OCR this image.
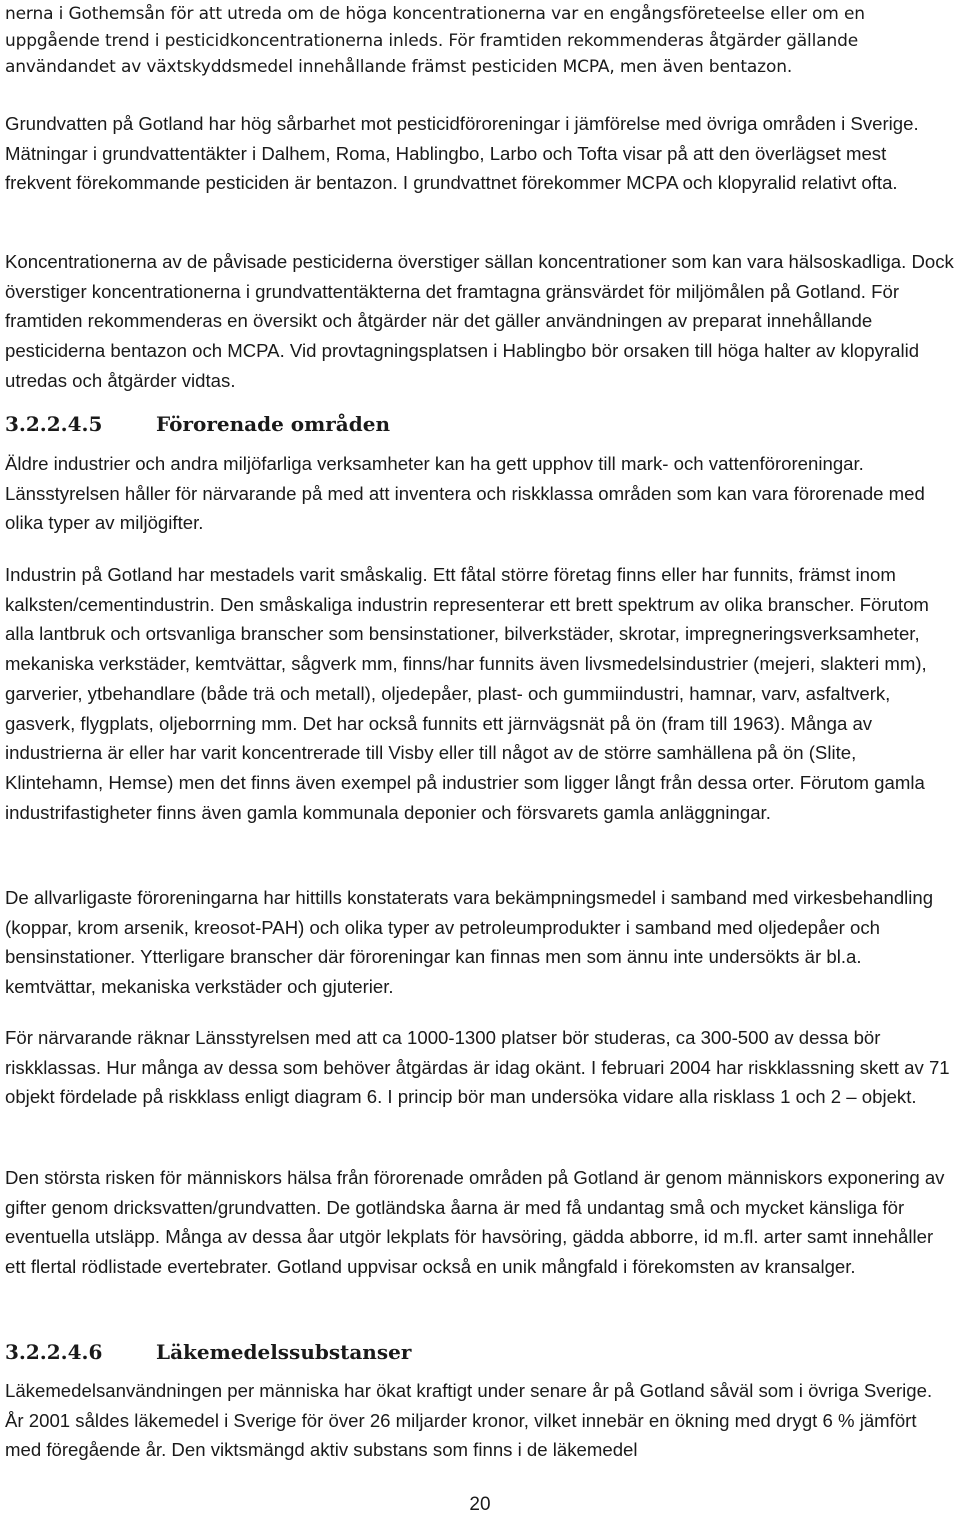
nerna i Gothemsån för att utreda om de höga koncentrationerna var en engångsföreteelse eller om en uppgående trend i pesticidkoncentrationerna inleds. För framtiden rekommenderas åtgärder gällande användandet av växtskyddsmedel innehållande främst pesticiden MCPA, men även bentazon.

Grundvatten på Gotland har hög sårbarhet mot pesticidföroreningar i jämförelse med övriga områden i Sverige. Mätningar i grundvattentäkter i Dalhem, Roma, Hablingbo, Larbo och Tofta visar på att den överlägset mest frekvent förekommande pesticiden är bentazon. I grundvattnet förekommer MCPA och klopyralid relativt ofta.

Koncentrationerna av de påvisade pesticiderna överstiger sällan koncentrationer som kan vara hälsoskadliga. Dock överstiger koncentrationerna i grundvattentäkterna det framtagna gränsvärdet för miljömålen på Gotland. För framtiden rekommenderas en översikt och åtgärder när det gäller användningen av preparat innehållande pesticiderna bentazon och MCPA. Vid provtagningsplatsen i Hablingbo bör orsaken till höga halter av klopyralid utredas och åtgärder vidtas.

3.2.2.4.5	Förorenade områden

Äldre industrier och andra miljöfarliga verksamheter kan ha gett upphov till mark- och vattenföroreningar. Länsstyrelsen håller för närvarande på med att inventera och riskklassa områden som kan vara förorenade med olika typer av miljögifter.

Industrin på Gotland har mestadels varit småskalig. Ett fåtal större företag finns eller har funnits, främst inom kalksten/cementindustrin. Den småskaliga industrin representerar ett brett spektrum av olika branscher. Förutom alla lantbruk och ortsvanliga branscher som bensinstationer, bilverkstäder, skrotar, impregneringsverksamheter, mekaniska verkstäder, kemtvättar, sågverk mm, finns/har funnits även livsmedelsindustrier (mejeri, slakteri mm), garverier, ytbehandlare (både trä och metall), oljedepåer, plast- och gummiindustri, hamnar, varv, asfaltverk, gasverk, flygplats, oljeborrning mm. Det har också funnits ett järnvägsnät på ön (fram till 1963). Många av industrierna är eller har varit koncentrerade till Visby eller till något av de större samhällena på ön (Slite, Klintehamn, Hemse) men det finns även exempel på industrier som ligger långt från dessa orter. Förutom gamla industrifastigheter finns även gamla kommunala deponier och försvarets gamla anläggningar.

De allvarligaste föroreningarna har hittills konstaterats vara bekämpningsmedel i samband med virkesbehandling (koppar, krom arsenik, kreosot-PAH) och olika typer av petroleumprodukter i samband med oljedepåer och bensinstationer. Ytterligare branscher där föroreningar kan finnas men som ännu inte undersökts är bl.a. kemtvättar, mekaniska verkstäder och gjuterier.

För närvarande räknar Länsstyrelsen med att ca 1000-1300 platser bör studeras, ca 300-500 av dessa bör riskklassas. Hur många av dessa som behöver åtgärdas är idag okänt. I februari 2004 har riskklassning skett av 71 objekt fördelade på riskklass enligt diagram 6. I princip bör man undersöka vidare alla risklass 1 och 2 – objekt.

Den största risken för människors hälsa från förorenade områden på Gotland är genom människors exponering av gifter genom dricksvatten/grundvatten. De gotländska åarna är med få undantag små och mycket känsliga för eventuella utsläpp. Många av dessa åar utgör lekplats för havsöring, gädda abborre, id m.fl. arter samt innehåller ett flertal rödlistade evertebrater. Gotland uppvisar också en unik mångfald i förekomsten av kransalger.

3.2.2.4.6	Läkemedelssubstanser

Läkemedelsanvändningen per människa har ökat kraftigt under senare år på Gotland såväl som i övriga Sverige. År 2001 såldes läkemedel i Sverige för över 26 miljarder kronor, vilket innebär en ökning med drygt 6 % jämfört med föregående år. Den viktsmängd aktiv substans som finns i de läkemedel

20
